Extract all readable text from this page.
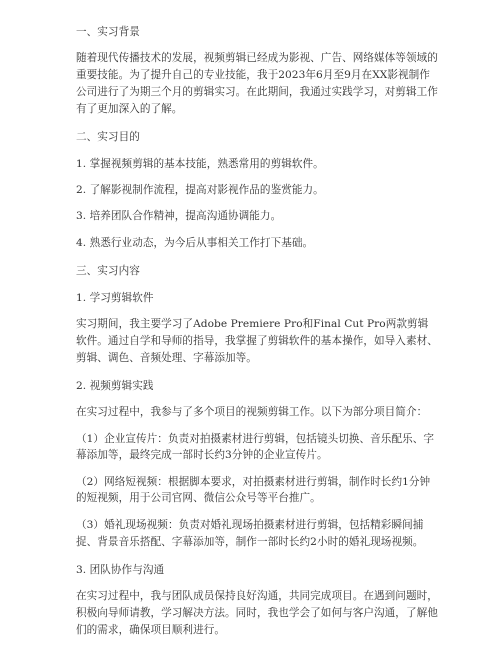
一、实习背景

随着现代传播技术的发展，视频剪辑已经成为影视、广告、网络媒体等领域的重要技能。为了提升自己的专业技能，我于2023年6月至9月在XX影视制作公司进行了为期三个月的剪辑实习。在此期间，我通过实践学习，对剪辑工作有了更加深入的了解。

二、实习目的

1. 掌握视频剪辑的基本技能，熟悉常用的剪辑软件。

2. 了解影视制作流程，提高对影视作品的鉴赏能力。

3. 培养团队合作精神，提高沟通协调能力。

4. 熟悉行业动态，为今后从事相关工作打下基础。

三、实习内容

1. 学习剪辑软件

实习期间，我主要学习了Adobe Premiere Pro和Final Cut Pro两款剪辑软件。通过自学和导师的指导，我掌握了剪辑软件的基本操作，如导入素材、剪辑、调色、音频处理、字幕添加等。

2. 视频剪辑实践

在实习过程中，我参与了多个项目的视频剪辑工作。以下为部分项目简介：

（1）企业宣传片：负责对拍摄素材进行剪辑，包括镜头切换、音乐配乐、字幕添加等，最终完成一部时长约3分钟的企业宣传片。

（2）网络短视频：根据脚本要求，对拍摄素材进行剪辑，制作时长约1分钟的短视频，用于公司官网、微信公众号等平台推广。

（3）婚礼现场视频：负责对婚礼现场拍摄素材进行剪辑，包括精彩瞬间捕捉、背景音乐搭配、字幕添加等，制作一部时长约2小时的婚礼现场视频。

3. 团队协作与沟通

在实习过程中，我与团队成员保持良好沟通，共同完成项目。在遇到问题时，积极向导师请教，学习解决方法。同时，我也学会了如何与客户沟通，了解他们的需求，确保项目顺利进行。
